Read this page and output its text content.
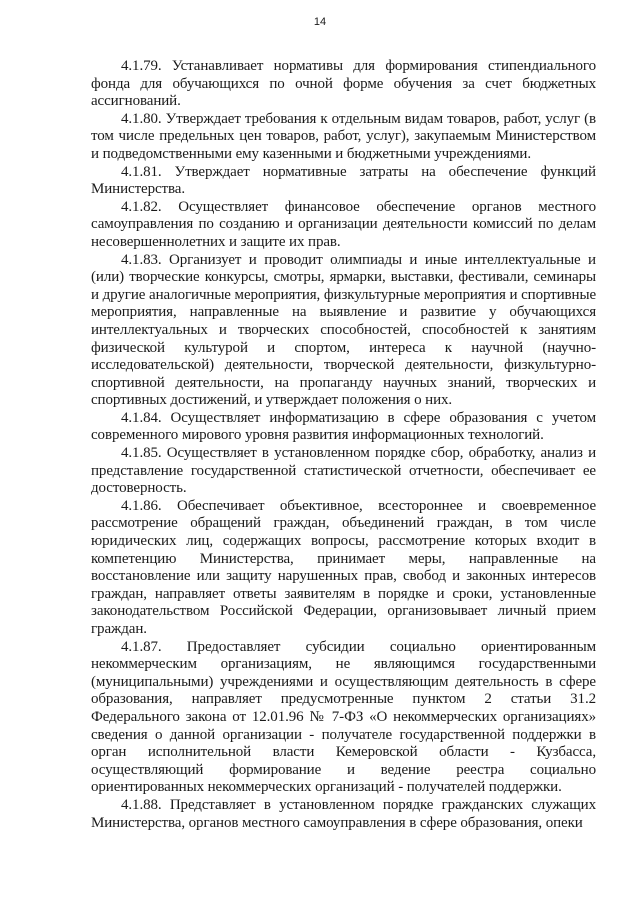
14

4.1.79. Устанавливает нормативы для формирования стипендиального фонда для обучающихся по очной форме обучения за счет бюджетных ассигнований.

4.1.80. Утверждает требования к отдельным видам товаров, работ, услуг (в том числе предельных цен товаров, работ, услуг), закупаемым Министерством и подведомственными ему казенными и бюджетными учреждениями.

4.1.81. Утверждает нормативные затраты на обеспечение функций Министерства.

4.1.82. Осуществляет финансовое обеспечение органов местного самоуправления по созданию и организации деятельности комиссий по делам несовершеннолетних и защите их прав.

4.1.83. Организует и проводит олимпиады и иные интеллектуальные и (или) творческие конкурсы, смотры, ярмарки, выставки, фестивали, семинары и другие аналогичные мероприятия, физкультурные мероприятия и спортивные мероприятия, направленные на выявление и развитие у обучающихся интеллектуальных и творческих способностей, способностей к занятиям физической культурой и спортом, интереса к научной (научно-исследовательской) деятельности, творческой деятельности, физкультурно-спортивной деятельности, на пропаганду научных знаний, творческих и спортивных достижений, и утверждает положения о них.

4.1.84. Осуществляет информатизацию в сфере образования с учетом современного мирового уровня развития информационных технологий.

4.1.85. Осуществляет в установленном порядке сбор, обработку, анализ и представление государственной статистической отчетности, обеспечивает ее достоверность.

4.1.86. Обеспечивает объективное, всестороннее и своевременное рассмотрение обращений граждан, объединений граждан, в том числе юридических лиц, содержащих вопросы, рассмотрение которых входит в компетенцию Министерства, принимает меры, направленные на восстановление или защиту нарушенных прав, свобод и законных интересов граждан, направляет ответы заявителям в порядке и сроки, установленные законодательством Российской Федерации, организовывает личный прием граждан.

4.1.87. Предоставляет субсидии социально ориентированным некоммерческим организациям, не являющимся государственными (муниципальными) учреждениями и осуществляющим деятельность в сфере образования, направляет предусмотренные пунктом 2 статьи 31.2 Федерального закона от 12.01.96 № 7-ФЗ «О некоммерческих организациях» сведения о данной организации - получателе государственной поддержки в орган исполнительной власти Кемеровской области - Кузбасса, осуществляющий формирование и ведение реестра социально ориентированных некоммерческих организаций - получателей поддержки.

4.1.88. Представляет в установленном порядке гражданских служащих Министерства, органов местного самоуправления в сфере образования, опеки
